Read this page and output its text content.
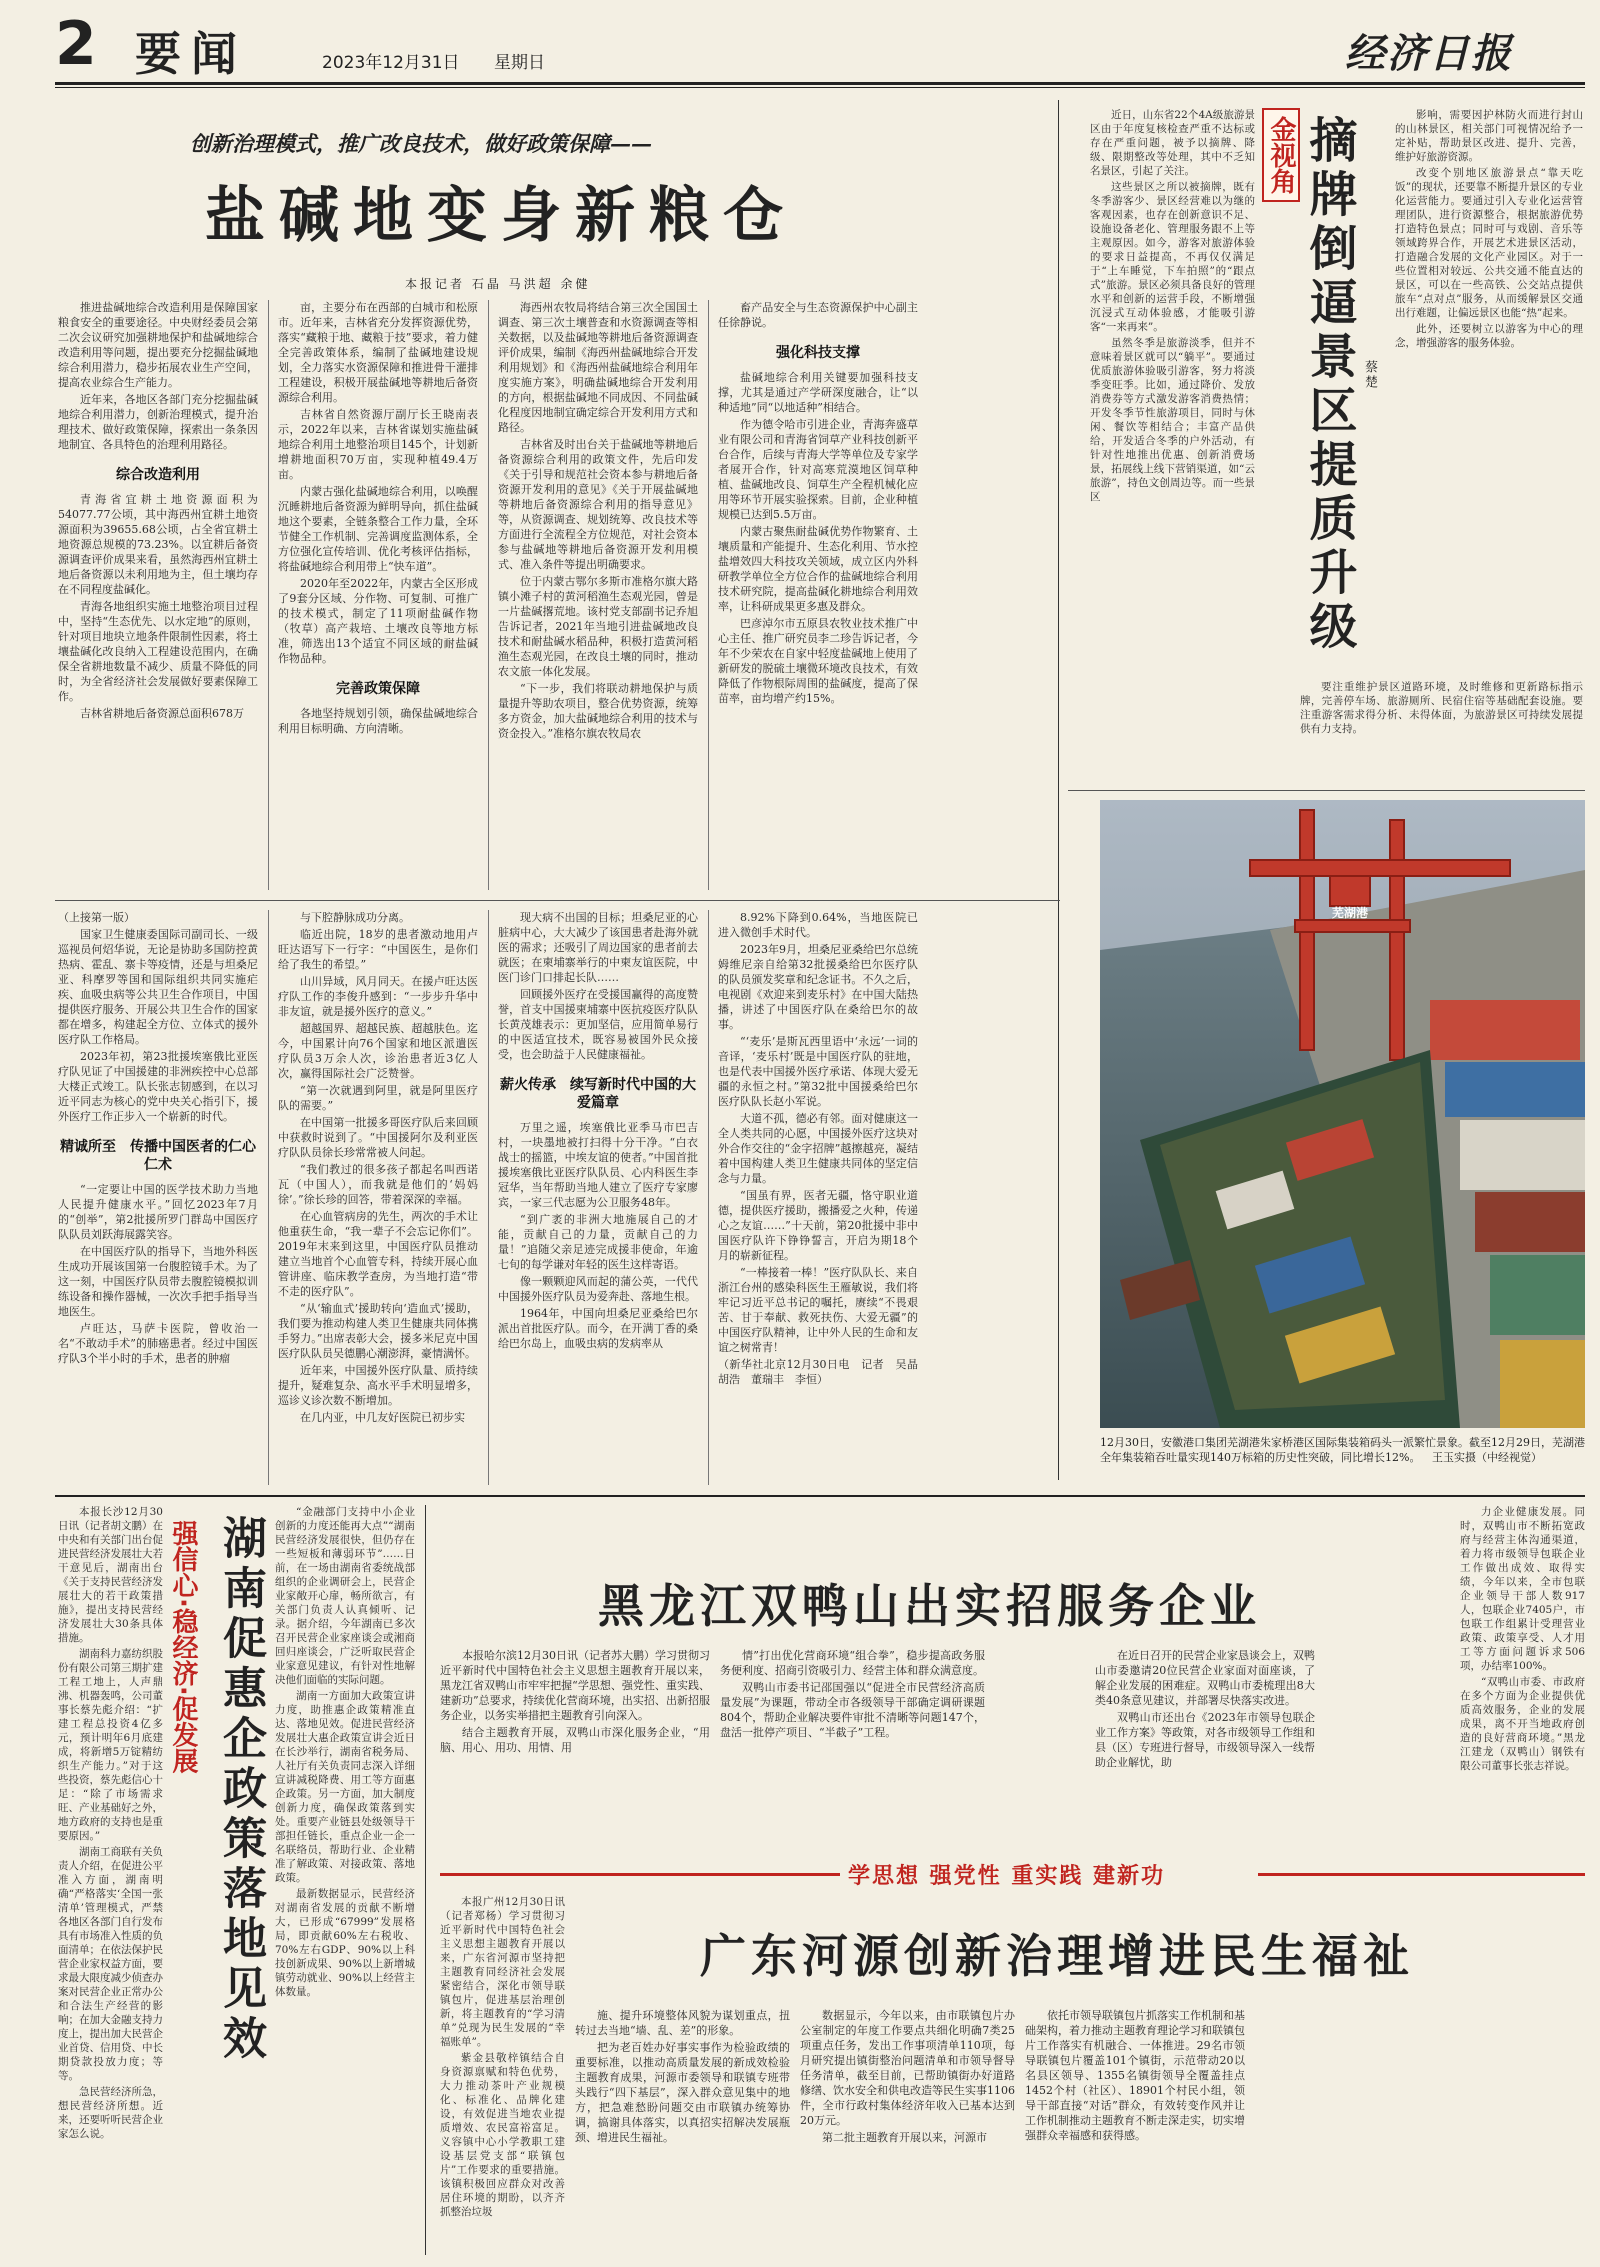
2 要闻	2023年12月31日 星期日	经济日报
创新治理模式，推广改良技术，做好政策保障——
盐碱地变身新粮仓
本报记者 石晶 马洪超 余健

推进盐碱地综合改造利用是保障国家粮食安全的重要途径。中央财经委员会第二次会议研究加强耕地保护和盐碱地综合改造利用等问题，提出要充分挖掘盐碱地综合利用潜力，稳步拓展农业生产空间，提高农业综合生产能力。

近年来，各地区各部门充分挖掘盐碱地综合利用潜力，创新治理模式，提升治理技术、做好政策保障，探索出一条条因地制宜、各具特色的治理利用路径。

综合改造利用

青海省宜耕土地资源面积为54077.77公顷，其中海西州宜耕土地资源面积为39655.68公顷，占全省宜耕土地资源总规模的73.23%。以宜耕后备资源调查评价成果来看，虽然海西州宜耕土地后备资源以未利用地为主，但土壤均存在不同程度盐碱化。

青海各地组织实施土地整治项目过程中，坚持“生态优先、以水定地”的原则，针对项目地块立地条件限制性因素，将土壤盐碱化改良纳入工程建设范围内，在确保全省耕地数量不减少、质量不降低的同时，为全省经济社会发展做好要素保障工作。

吉林省耕地后备资源总面积678万

亩，主要分布在西部的白城市和松原市。近年来，吉林省充分发挥资源优势，落实“藏粮于地、藏粮于技”要求，着力健全完善政策体系，编制了盐碱地建设规划，全力落实水资源保障和推进骨干灌排工程建设，积极开展盐碱地等耕地后备资源综合利用。

吉林省自然资源厅副厅长王晓南表示，2022年以来，吉林省谋划实施盐碱地综合利用土地整治项目145个，计划新增耕地面积70万亩，实现种植49.4万亩。

内蒙古强化盐碱地综合利用，以唤醒沉睡耕地后备资源为鲜明导向，抓住盐碱地这个要素，全链条整合工作力量，全环节健全工作机制、完善调度监测体系，全方位强化宣传培训、优化考核评估指标，将盐碱地综合利用带上“快车道”。

2020年至2022年，内蒙古全区形成了9套分区域、分作物、可复制、可推广的技术模式，制定了11项耐盐碱作物（牧草）高产栽培、土壤改良等地方标准，筛选出13个适宜不同区域的耐盐碱作物品种。

完善政策保障

各地坚持规划引领，确保盐碱地综合利用目标明确、方向清晰。

海西州农牧局将结合第三次全国国土调查、第三次土壤普查和水资源调查等相关数据，以及盐碱地等耕地后备资源调查评价成果，编制《海西州盐碱地综合开发利用规划》和《海西州盐碱地综合利用年度实施方案》，明确盐碱地综合开发利用的方向，根据盐碱地不同成因、不同盐碱化程度因地制宜确定综合开发利用方式和路径。

吉林省及时出台关于盐碱地等耕地后备资源综合利用的政策文件，先后印发《关于引导和规范社会资本参与耕地后备资源开发利用的意见》《关于开展盐碱地等耕地后备资源综合利用的指导意见》等，从资源调查、规划统筹、改良技术等方面进行全流程全方位规范，对社会资本参与盐碱地等耕地后备资源开发利用模式、准入条件等提出明确要求。

位于内蒙古鄂尔多斯市准格尔旗大路镇小滩子村的黄河稻渔生态观光园，曾是一片盐碱撂荒地。该村党支部副书记乔旭告诉记者，2021年当地引进盐碱地改良技术和耐盐碱水稻品种，积极打造黄河稻渔生态观光园，在改良土壤的同时，推动农文旅一体化发展。

“下一步，我们将联动耕地保护与质量提升等助农项目，整合优势资源，统筹多方资金，加大盐碱地综合利用的技术与资金投入。”准格尔旗农牧局农

畜产品安全与生态资源保护中心副主任徐静说。

强化科技支撑

盐碱地综合利用关键要加强科技支撑，尤其是通过产学研深度融合，让“以种适地”同“以地适种”相结合。

作为德令哈市引进企业，青海奔盛草业有限公司和青海省饲草产业科技创新平台合作，后续与青海大学等单位及专家学者展开合作，针对高寒荒漠地区饲草种植、盐碱地改良、饲草生产全程机械化应用等环节开展实验探索。目前，企业种植规模已达到5.5万亩。

内蒙古聚焦耐盐碱优势作物繁育、土壤质量和产能提升、生态化利用、节水控盐增效四大科技攻关领域，成立区内外科研教学单位全方位合作的盐碱地综合利用技术研究院，提高盐碱化耕地综合利用效率，让科研成果更多惠及群众。

巴彦淖尔市五原县农牧业技术推广中心主任、推广研究员李二珍告诉记者，今年不少荣农在自家中轻度盐碱地上使用了新研发的脱硫土壤微环境改良技术，有效降低了作物根际周围的盐碱度，提高了保苗率，亩均增产约15%。

金视角 摘牌倒逼景区提质升级 蔡楚

近日，山东省22个4A级旅游景区由于年度复核检查严重不达标或存在严重问题，被予以摘牌、降级、限期整改等处理，其中不乏知名景区，引起了关注。

这些景区之所以被摘牌，既有冬季游客少、景区经营难以为继的客观因素，也存在创新意识不足、设施设备老化、管理服务跟不上等主观原因。如今，游客对旅游体验的要求日益提高，不再仅仅满足于“上车睡觉，下车拍照”的“跟点式”旅游。景区必须具备良好的管理水平和创新的运营手段，不断增强沉浸式互动体验感，才能吸引游客“一来再来”。

虽然冬季是旅游淡季，但并不意味着景区就可以“躺平”。要通过优质旅游体验吸引游客，努力将淡季变旺季。比如，通过降价、发放消费券等方式激发游客消费热情；开发冬季节性旅游项目，同时与休闲、餐饮等相结合；丰富产品供给，开发适合冬季的户外活动，有针对性地推出优惠、创新消费场景，拓展线上线下营销渠道，如“云旅游”，持色文创周边等。而一些景区

影响，需要因护林防火而进行封山的山林景区，相关部门可视情况给予一定补贴，帮助景区改进、提升、完善，维护好旅游资源。

改变个别地区旅游景点“靠天吃饭”的现状，还要靠不断提升景区的专业化运营能力。要通过引入专业化运营管理团队，进行资源整合，根据旅游优势打造特色景点；同时可与戏剧、音乐等领域跨界合作，开展艺术进景区活动，打造融合发展的文化产业园区。对于一些位置相对较远、公共交通不能直达的景区，可以在一些高铁、公交站点提供旅车“点对点”服务，从而缓解景区交通出行难题，让偏远景区也能“热”起来。

此外，还要树立以游客为中心的理念，增强游客的服务体验。

要注重维护景区道路环境，及时维修和更新路标指示牌，完善停车场、旅游厕所、民宿住宿等基础配套设施。要注重游客需求得分析、未得体面，为旅游景区可持续发展提供有力支持。

芜湖港
12月30日，安徽港口集团芜湖港朱家桥港区国际集装箱码头一派繁忙景象。截至12月29日，芜湖港全年集装箱吞吐量实现140万标箱的历史性突破，同比增长12%。 王玉实摄（中经视觉）

（上接第一版）

国家卫生健康委国际司副司长、一级巡视员何炤华说，无论是协助多国防控黄热病、霍乱、寨卡等疫情，还是与坦桑尼亚、科摩罗等国和国际组织共同实施疟疾、血吸虫病等公共卫生合作项目，中国提供医疗服务、开展公共卫生合作的国家都在增多，构建起全方位、立体式的援外医疗队工作格局。

2023年初，第23批援埃塞俄比亚医疗队见证了中国援建的非洲疾控中心总部大楼正式竣工。队长张志韧感到，在以习近平同志为核心的党中央关心指引下，援外医疗工作正步入一个崭新的时代。

精诚所至　传播中国医者的仁心仁术

“一定要让中国的医学技术助力当地人民提升健康水平。”回忆2023年7月的“创举”，第2批援所罗门群岛中国医疗队队员刘跃海展露笑容。

在中国医疗队的指导下，当地外科医生成功开展该国第一台腹腔镜手术。为了这一刻，中国医疗队员带去腹腔镜模拟训练设备和操作器械，一次次手把手指导当地医生。

卢旺达，马萨卡医院，曾收治一名“不敢动手术”的肺癌患者。经过中国医疗队3个半小时的手术，患者的肿瘤

与下腔静脉成功分离。

临近出院，18岁的患者激动地用卢旺达语写下一行字：“中国医生，是你们给了我生的希望。”

山川异域，风月同天。在援卢旺达医疗队工作的李俊升感到：“一步步升华中非友谊，就是援外医疗的意义。”

超越国界、超越民族、超越肤色。迄今，中国累计向76个国家和地区派遣医疗队员3万余人次，诊治患者近3亿人次，赢得国际社会广泛赞誉。

“第一次就遇到阿里，就是阿里医疗队的需要。”

在中国第一批援多哥医疗队后来回顾中获救时说到了。“中国援阿尔及利亚医疗队队员徐长珍常常被人问起。

“我们教过的很多孩子都起名叫西诺瓦（中国人），而我就是他们的‘妈妈徐’。”徐长珍的回答，带着深深的幸福。

在心血管病房的先生，两次的手术让他重获生命，“我一辈子不会忘记你们”。2019年末来到这里，中国医疗队员推动建立当地首个心血管专科，持续开展心血管讲座、临床教学查房，为当地打造“带不走的医疗队”。

“从‘输血式’援助转向‘造血式’援助，我们要为推动构建人类卫生健康共同体携手努力。”出席表彰大会，援多米尼克中国医疗队队员吴德鹏心潮澎湃，豪情满怀。

近年来，中国援外医疗队量、质持续提升，疑难复杂、高水平手术明显增多，巡诊义诊次数不断增加。

在几内亚，中几友好医院已初步实

现大病不出国的目标；坦桑尼亚的心脏病中心，大大减少了该国患者赴海外就医的需求；还吸引了周边国家的患者前去就医；在柬埔寨举行的中柬友谊医院，中医门诊门口排起长队……

回顾援外医疗在受援国赢得的高度赞誉，首支中国援柬埔寨中医抗疫医疗队队长黄茂雄表示：更加坚信，应用简单易行的中医适宜技术，既容易被国外民众接受，也会助益于人民健康福祉。

薪火传承　续写新时代中国的大爱篇章

万里之遥，埃塞俄比亚季马市巴吉村，一块墨地被打扫得十分干净。“白衣战士的摇篮，中埃友谊的使者。”中国首批援埃塞俄比亚医疗队队员、心内科医生李冠华，当年帮助当地人建立了医疗专家廖宾，一家三代志愿为公卫服务48年。

“到广袤的非洲大地施展自己的才能，贡献自己的力量，贡献自己的力量！”追随父亲足迹完成援非使命，年逾七旬的每学谦对年轻的医生这样寄语。

像一颗颗迎风而起的蒲公英，一代代中国援外医疗队员为爱奔赴、落地生根。

1964年，中国向坦桑尼亚桑给巴尔派出首批医疗队。而今，在开满丁香的桑给巴尔岛上，血吸虫病的发病率从

8.92%下降到0.64%，当地医院已进入微创手术时代。

2023年9月，坦桑尼亚桑给巴尔总统姆维尼亲自给第32批援桑给巴尔医疗队的队员颁发奖章和纪念证书。不久之后，电视剧《欢迎来到麦乐村》在中国大陆热播，讲述了中国医疗队在桑给巴尔的故事。

“‘麦乐’是斯瓦西里语中‘永远’一词的音译，‘麦乐村’既是中国医疗队的驻地，也是代表中国援外医疗承诺、体现大爱无疆的永恒之村。”第32批中国援桑给巴尔医疗队队长赵小军说。

大道不孤，德必有邻。面对健康这一全人类共同的心愿，中国援外医疗这块对外合作交往的“金字招牌”越擦越亮，凝结着中国构建人类卫生健康共同体的坚定信念与力量。

“国虽有界，医者无疆，恪守职业道德，提供医疗援助，搬播爱之火种，传递心之友谊……”十天前，第20批援中非中国医疗队许下铮铮誓言，开启为期18个月的崭新征程。

“一棒接着一棒！”医疗队队长、来自浙江台州的感染科医生王雁敏说，我们将牢记习近平总书记的嘱托，赓续“不畏艰苦、甘于奉献、救死扶伤、大爱无疆”的中国医疗队精神，让中外人民的生命和友谊之树常青！

（新华社北京12月30日电　记者　吴晶　胡浩　董瑞丰　李恒）

本报长沙12月30日讯（记者胡文鹏）在中央和有关部门出台促进民营经济发展壮大若干意见后，湖南出台《关于支持民营经济发展壮大的若干政策措施》，提出支持民营经济发展壮大30条具体措施。

湖南科力嘉纺织股份有限公司第三期扩建工程工地上，人声鼎沸、机器轰鸣，公司董事长蔡先彪介绍：“扩建工程总投资4亿多元，预计明年6月底建成，将新增5万锭精纺织生产能力。”对于这些投资，蔡先彪信心十足：“除了市场需求旺、产业基础好之外，地方政府的支持也是重要原因。”

湖南工商联有关负责人介绍，在促进公平准入方面，湖南明确“严格落实‘全国一张清单’管理模式，严禁各地区各部门自行发布具有市场准入性质的负面清单；在依法保护民营企业家权益方面，要求最大限度减少侦查办案对民营企业正常办公和合法生产经营的影响；在加大金融支持力度上，提出加大民营企业首贷、信用贷、中长期贷款投放力度；等等。

急民营经济所急，想民营经济所想。近来，还要听听民营企业家怎么说。

强信心·稳经济·促发展 湖南促惠企政策落地见效

“金融部门支持中小企业创新的力度还能再大点”“湖南民营经济发展很快，但仍存在一些短板和薄弱环节”……日前，在一场由湖南省委统战部组织的企业调研会上，民营企业家敞开心扉，畅所欲言，有关部门负责人认真倾听、记录。据介绍，今年湖南已多次召开民营企业家座谈会或湘商回归座谈会，广泛听取民营企业家意见建议，有针对性地解决他们面临的实际问题。

湖南一方面加大政策宣讲力度，助推惠企政策精准直达、落地见效。促进民营经济发展壮大惠企政策宣讲会近日在长沙举行，湖南省税务局、人社厅有关负责同志深入详细宣讲减税降费、用工等方面惠企政策。另一方面，加大制度创新力度，确保政策落到实处。重要产业链县处级领导干部担任链长，重点企业一企一名联络员，帮助行业、企业精准了解政策、对接政策、落地政策。

最新数据显示，民营经济对湖南省发展的贡献不断增大，已形成“67999”发展格局，即贡献60%左右税收、70%左右GDP、90%以上科技创新成果、90%以上新增城镇劳动就业、90%以上经营主体数量。

黑龙江双鸭山出实招服务企业

本报哈尔滨12月30日讯（记者苏大鹏）学习贯彻习近平新时代中国特色社会主义思想主题教育开展以来，黑龙江省双鸭山市牢牢把握“学思想、强党性、重实践、建新功”总要求，持续优化营商环境，出实招、出新招服务企业，以务实举措把主题教育引向深入。

结合主题教育开展，双鸭山市深化服务企业，“用脑、用心、用功、用情、用

情”打出优化营商环境“组合拳”，稳步提高政务服务便利度、招商引资吸引力、经营主体和群众满意度。

双鸭山市委书记邵国强以“促进全市民营经济高质量发展”为课题，带动全市各级领导干部确定调研课题804个，帮助企业解决要件审批不清晰等问题147个，盘活一批停产项目、“半截子”工程。

在近日召开的民营企业家恳谈会上，双鸭山市委邀请20位民营企业家面对面座谈，了解企业发展的困难症。双鸭山市委梳理出8大类40条意见建议，并部署尽快落实改进。

双鸭山市还出台《2023年市领导包联企业工作方案》等政策，对各市级领导工作组和县（区）专班进行督导，市级领导深入一线帮助企业解忧，助

力企业健康发展。同时，双鸭山市不断拓宽政府与经营主体沟通渠道，着力将市级领导包联企业工作做出成效、取得实绩，今年以来，全市包联企业领导干部人数917人，包联企业7405户，市包联工作组累计受理营业政策、政策享受、人才用工等方面问题诉求506项，办结率100%。

“双鸭山市委、市政府在多个方面为企业提供优质高效服务，企业的发展成果，离不开当地政府创造的良好营商环境。”黑龙江建龙（双鸭山）钢铁有限公司董事长张志祥说。

学思想 强党性 重实践 建新功

本报广州12月30日讯（记者郑杨）学习贯彻习近平新时代中国特色社会主义思想主题教育开展以来，广东省河源市坚持把主题教育同经济社会发展紧密结合，深化市领导联镇包片，促进基层治理创新，将主题教育的“学习清单”兑现为民生发展的“幸福账单”。

紫金县敬梓镇结合自身资源禀赋和特色优势，大力推动茶叶产业规模化、标准化、品牌化建设，有效促进当地农业提质增效、农民富裕富足。义容镇中心小学教职工建设基层党支部“联镇包片”工作要求的重要措施。该镇积极回应群众对改善居住环境的期盼，以齐齐抓整治垃圾

广东河源创新治理增进民生福祉

施、提升环境整体风貌为谋划重点，扭转过去当地“墙、乱、差”的形象。

把为老百姓办好事实事作为检验政绩的重要标准，以推动高质量发展的新成效检验主题教育成果，河源市委领导和联镇专班带头践行“四下基层”，深入群众意见集中的地方，把急难愁盼问题交由市联镇办统筹协调，搞谢具体落实，以真招实招解决发展瓶颈、增进民生福祉。

数据显示，今年以来，由市联镇包片办公室制定的年度工作要点共细化明确7类25项重点任务，发出工作事项清单110项，每月研究提出镇街整治问题清单和市领导督导任务清单，截至目前，已帮助镇街办好道路修缮、饮水安全和供电改造等民生实事1106件，全市行政村集体经济年收入已基本达到20万元。

第二批主题教育开展以来，河源市

依托市领导联镇包片抓落实工作机制和基础架构，着力推动主题教育理论学习和联镇包片工作落实有机融合、一体推进。29名市领导联镇包片覆盖101个镇街，示范带动20以名县区领导、1355名镇街领导全覆盖挂点1452个村（社区）、18901个村民小组，领导干部直接“对话”群众，有效转变作风并让工作机制推动主题教育不断走深走实，切实增强群众幸福感和获得感。
